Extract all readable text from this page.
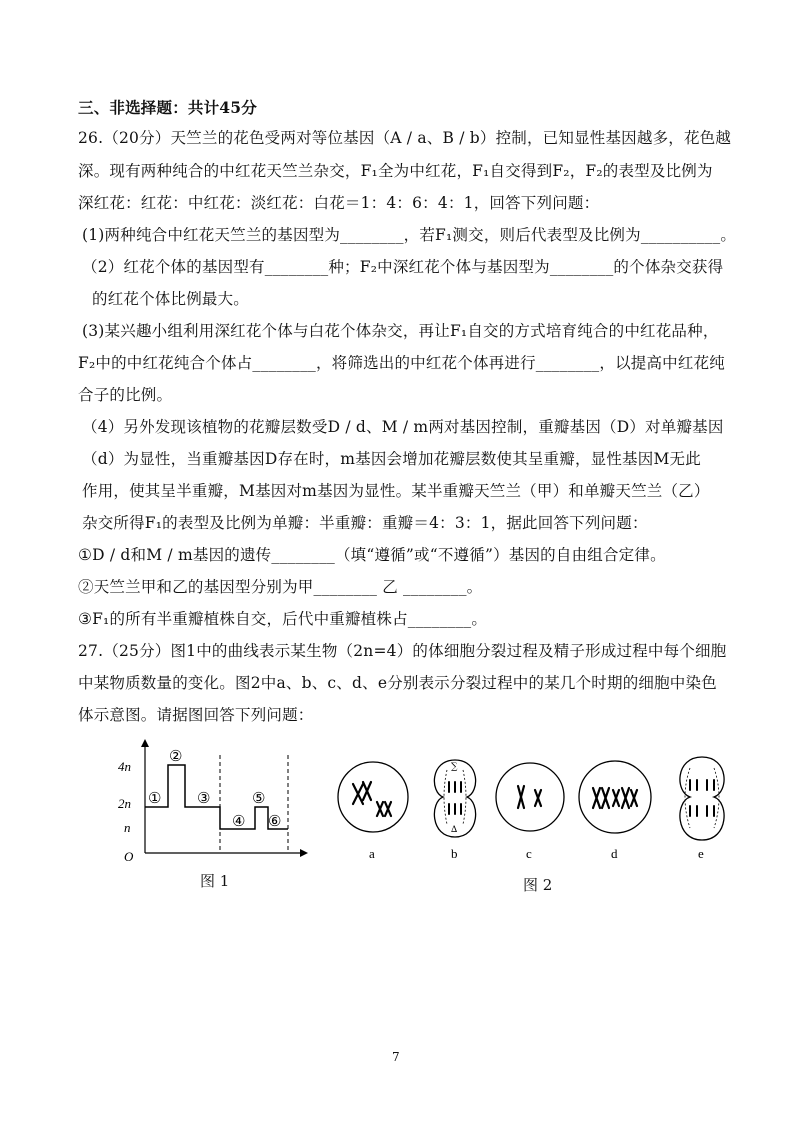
三、非选择题：共计45分
26.（20分）天竺兰的花色受两对等位基因（A / a、B / b）控制，已知显性基因越多，花色越
深。现有两种纯合的中红花天竺兰杂交，F₁全为中红花，F₁自交得到F₂，F₂的表型及比例为
深红花：红花：中红花：淡红花：白花＝1：4：6：4：1，回答下列问题：
(1)两种纯合中红花天竺兰的基因型为________，若F₁测交，则后代表型及比例为__________。
（2）红花个体的基因型有________种；F₂中深红花个体与基因型为________的个体杂交获得
的红花个体比例最大。
(3)某兴趣小组利用深红花个体与白花个体杂交，再让F₁自交的方式培育纯合的中红花品种，
F₂中的中红花纯合个体占________，将筛选出的中红花个体再进行________，以提高中红花纯
合子的比例。
（4）另外发现该植物的花瓣层数受D / d、M / m两对基因控制，重瓣基因（D）对单瓣基因
（d）为显性，当重瓣基因D存在时，m基因会增加花瓣层数使其呈重瓣，显性基因M无此
作用，使其呈半重瓣，M基因对m基因为显性。某半重瓣天竺兰（甲）和单瓣天竺兰（乙）
杂交所得F₁的表型及比例为单瓣：半重瓣：重瓣＝4：3：1，据此回答下列问题：
①D / d和M / m基因的遗传________（填“遵循”或“不遵循”）基因的自由组合定律。
②天竺兰甲和乙的基因型分别为甲________ 乙 ________。
③F₁的所有半重瓣植株自交，后代中重瓣植株占________。
27.（25分）图1中的曲线表示某生物（2n=4）的体细胞分裂过程及精子形成过程中每个细胞
中某物质数量的变化。图2中a、b、c、d、e分别表示分裂过程中的某几个时期的细胞中染色
体示意图。请据图回答下列问题：
4n
2n
n
O
①
②
③
④
⑤
⑥
图 1
∑
∆
a	b	c	d	e
图 2
7
